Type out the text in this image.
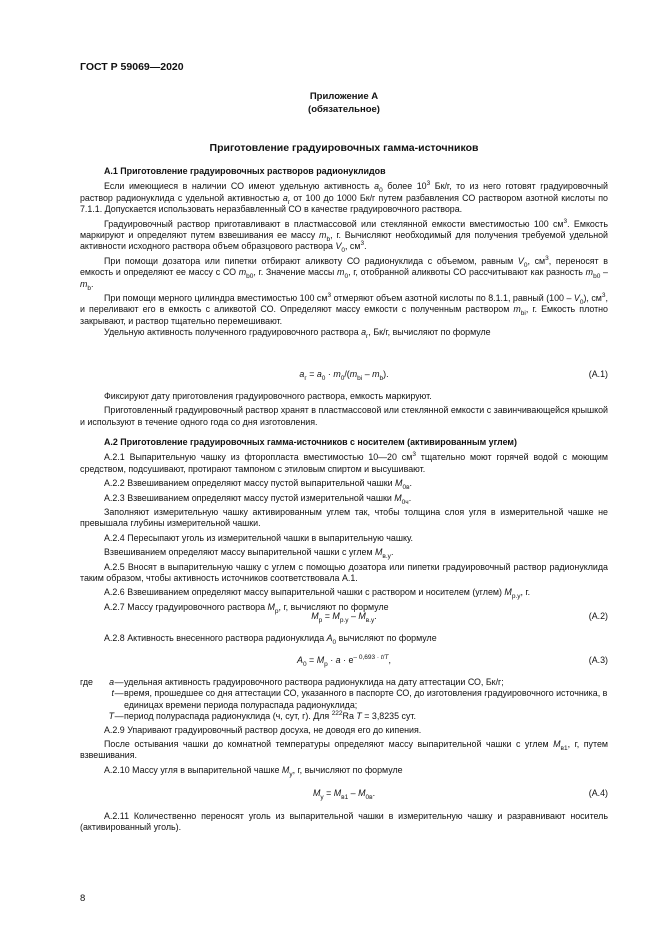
ГОСТ Р 59069—2020
Приложение А
(обязательное)
Приготовление градуировочных гамма-источников

А.1 Приготовление градуировочных растворов радионуклидов

Если имеющиеся в наличии СО имеют удельную активность $a_0$ более $10^3$ Бк/г, то из него готовят градуировочный раствор радионуклида с удельной активностью $a_г$ от 100 до 1000 Бк/г путем разбавления СО раствором азотной кислоты по 7.1.1. Допускается использовать неразбавленный СО в качестве градуировочного раствора.

Градуировочный раствор приготавливают в пластмассовой или стеклянной емкости вместимостью 100 $см^3$. Емкость маркируют и определяют путем взвешивания ее массу $m_b$, г. Вычисляют необходимый для получения требуемой удельной активности исходного раствора объем образцового раствора $V_0$, $см^3$.

При помощи дозатора или пипетки отбирают аликвоту СО радионуклида с объемом, равным $V_0$, $см^3$, переносят в емкость и определяют ее массу с СО $m_{b0}$, г. Значение массы $m_0$, г, отобранной аликвоты СО рассчитывают как разность $m_{b0} - m_b$.

При помощи мерного цилиндра вместимостью 100 $см^3$ отмеряют объем азотной кислоты по 8.1.1, равный $(100 - V_0)$, $см^3$, и переливают его в емкость с аликвотой СО. Определяют массу емкости с полученным раствором $m_{bi}$, г. Емкость плотно закрывают, и раствор тщательно перемешивают.

Удельную активность полученного градуировочного раствора $a_г$, Бк/г, вычисляют по формуле

$a_г = a_0 \cdot m_0/(m_{bi} - m_b)$.	(А.1)

Фиксируют дату приготовления градуировочного раствора, емкость маркируют.

Приготовленный градуировочный раствор хранят в пластмассовой или стеклянной емкости с завинчивающейся крышкой и используют в течение одного года со дня изготовления.

А.2 Приготовление градуировочных гамма-источников с носителем (активированным углем)

А.2.1 Выпарительную чашку из фторопласта вместимостью 10—20 $см^3$ тщательно моют горячей водой с моющим средством, подсушивают, протирают тампоном с этиловым спиртом и высушивают.

А.2.2 Взвешиванием определяют массу пустой выпарительной чашки $M_{0в}$.

А.2.3 Взвешиванием определяют массу пустой измерительной чашки $M_{0ч}$.

Заполняют измерительную чашку активированным углем так, чтобы толщина слоя угля в измерительной чашке не превышала глубины измерительной чашки.

А.2.4 Пересыпают уголь из измерительной чашки в выпарительную чашку.

Взвешиванием определяют массу выпарительной чашки с углем $M_{в.у}$.

А.2.5 Вносят в выпарительную чашку с углем с помощью дозатора или пипетки градуировочный раствор радионуклида таким образом, чтобы активность источников соответствовала А.1.

А.2.6 Взвешиванием определяют массу выпарительной чашки с раствором и носителем (углем) $M_{р.у}$, г.

А.2.7 Массу градуировочного раствора $M_р$, г, вычисляют по формуле

$M_р = M_{р.у} - M_{в.у}$.	(А.2)

А.2.8 Активность внесенного раствора радионуклида $A_0$ вычисляют по формуле

$A_0 = M_р \cdot a \cdot e^{- 0,693 \cdot t/T}$,	(А.3)
где	a — удельная активность градуировочного раствора радионуклида на дату аттестации СО, Бк/г;
t — время, прошедшее со дня аттестации СО, указанного в паспорте СО, до изготовления градуировочного источника, в единицах времени периода полураспада радионуклида;
T — период полураспада радионуклида (ч, сут, г). Для $^{222}$Ra T = 3,8235 сут.

А.2.9 Упаривают градуировочный раствор досуха, не доводя его до кипения.

После остывания чашки до комнатной температуры определяют массу выпарительной чашки с углем $M_{в1}$, г, путем взвешивания.

А.2.10 Массу угля в выпарительной чашке $M_у$, г, вычисляют по формуле

$M_у = M_{в1} - M_{0в}$.	(А.4)

А.2.11 Количественно переносят уголь из выпарительной чашки в измерительную чашку и разравнивают носитель (активированный уголь).

8
